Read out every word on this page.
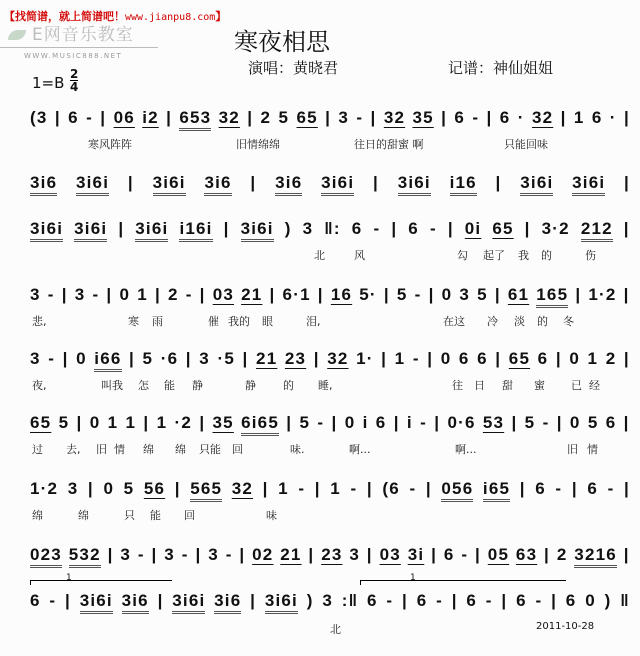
【找简谱，就上简谱吧！www.jianpu8.com】
E网音乐教室
WWW.MUSIC888.NET	寒夜相思
演唱：黄晓君	记谱：神仙姐姐
1=B 2
4
(3 | 6 - | 06 i2 | 653 32 | 2 5 65 | 3 - | 32 35 | 6 - | 6 · 32 | 1 6 · |
寒风阵阵	旧情绵绵	往日的甜蜜 啊	只能回味
3i6 3i6i | 3i6i 3i6 | 3i6 3i6i | 3i6i i16 | 3i6i 3i6i |
3i6i 3i6i | 3i6i i16i | 3i6i ) 3 ‖: 6 - | 6 - | 0i 65 | 3·2 212 |
北	风	勾 起了 我 的	伤
3 - | 3 - | 0 1 | 2 - | 03 21 | 6·1 | 16 5· | 5 - | 0 3 5 | 61 165 | 1·2 |
悲,	寒 雨	催 我的 眼	泪,	在这 冷 淡 的 冬
3 - | 0 i66 | 5 ·6 | 3 ·5 | 21 23 | 32 1· | 1 - | 0 6 6 | 65 6 | 0 1 2 |
夜,	叫我 怎 能 静	静 的 睡,	往 日 甜 蜜 已 经
65 5 | 0 1 1 | 1 ·2 | 35 6i65 | 5 - | 0 i 6 | i - | 0·6 53 | 5 - | 0 5 6 |
过 去, 旧 情 绵 绵 只能 回	味.	啊...	啊...	旧 情
1·2 3 | 0 5 56 | 565 32 | 1 - | 1 - | (6 - | 056 i65 | 6 - | 6 - |
绵	绵	只 能 回	味
023 532 | 3 - | 3 - | 3 - | 02 21 | 23 3 | 03 3i | 6 - | 05 63 | 2 3216 |
6 - | 3i6i 3i6 | 3i6i 3i6 | 3i6i ) 3 :‖ 6 - | 6 - | 6 - | 6 - | 6 0 ) ‖
北
1	1
2011-10-28
